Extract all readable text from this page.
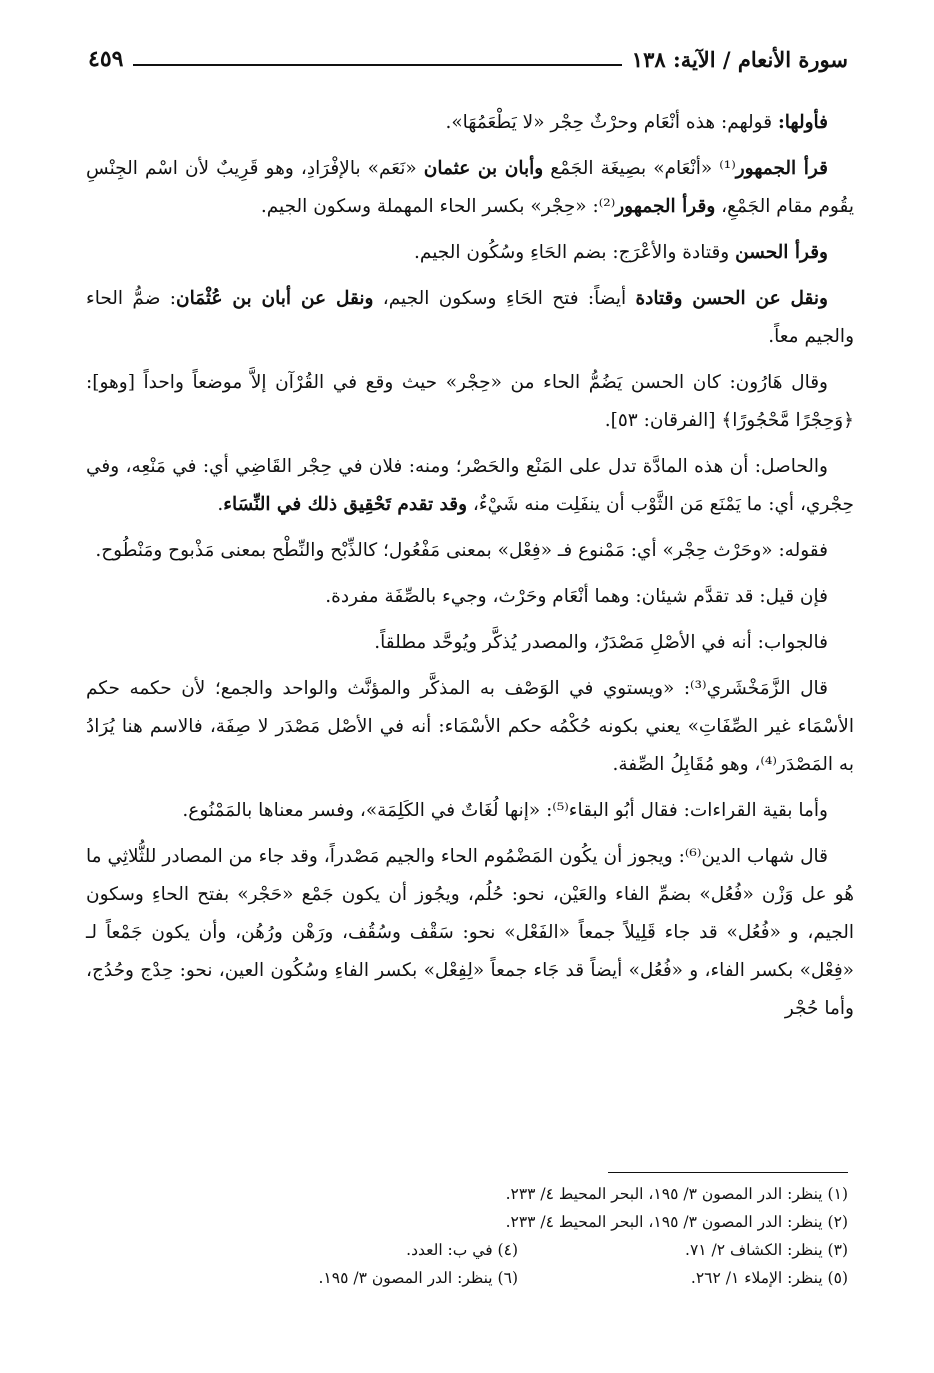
سورة الأنعام / الآية: ١٣٨
٤٥٩

فأولها: قولهم: هذه أنْعَام وحرْثٌ حِجْر «لا يَطْعَمُهَا».

قرأ الجمهور⁽¹⁾ «أنْعَام» بصِيغَة الجَمْع وأبان بن عثمان «نَعَم» بالإفْرَادِ، وهو قَرِيبٌ لأن اسْم الجِنْسِ يقُوم مقام الجَمْعِ، وقرأ الجمهور⁽²⁾: «حِجْر» بكسر الحاء المهملة وسكون الجيم.

وقرأ الحسن وقتادة والأعْرَج: بضم الحَاءِ وسُكُون الجيم.

ونقل عن الحسن وقتادة أيضاً: فتح الحَاءِ وسكون الجيم، ونقل عن أبان بن عُثْمَان: ضمُّ الحاء والجيم معاً.

وقال هَارُون: كان الحسن يَضُمُّ الحاء من «حِجْر» حيث وقع في القُرْآن إلاَّ موضعاً واحداً [وهو]: ﴿وَحِجْرًا مَّحْجُورًا﴾ [الفرقان: ٥٣].

والحاصل: أن هذه المادَّة تدل على المَنْع والحَصْر؛ ومنه: فلان في حِجْر القَاضِي أي: في مَنْعِه، وفي حِجْري، أي: ما يَمْنَع مَن الثَّوْب أن ينفَلِت منه شَيْءٌ، وقد تقدم تَحْقِيق ذلك في النِّسَاء.

فقوله: «وحَرْث حِجْر» أي: مَمْنوع فـ «فِعْل» بمعنى مَفْعُول؛ كالذِّبْح والنِّطْح بمعنى مَذْبوح ومَنْطُوح.

فإن قيل: قد تقدَّم شيئان: وهما أنْعَام وحَرْث، وجيء بالصِّفَة مفردة.

فالجواب: أنه في الأصْلِ مَصْدَرٌ، والمصدر يُذكَّر ويُوحَّد مطلقاً.

قال الزَّمَخْشَري⁽³⁾: «ويستوي في الوَصْف به المذكَّر والمؤنَّث والواحد والجمع؛ لأن حكمه حكم الأسْمَاء غير الصِّفَاتِ» يعني بكونه حُكْمُه حكم الأسْمَاء: أنه في الأصْل مَصْدَر لا صِفَة، فالاسم هنا يُرَادُ به المَصْدَر⁽⁴⁾، وهو مُقَابِلُ الصِّفة.

وأما بقية القراءات: فقال أبُو البقاء⁽⁵⁾: «إنها لُغَاتٌ في الكَلِمَة»، وفسر معناها بالمَمْنُوع.

قال شهاب الدين⁽⁶⁾: ويجوز أن يكُون المَضْمُوم الحاء والجيم مَصْدراً، وقد جاء من المصادر للثُّلاثِي ما هُو عل وَزْن «فُعُل» بضمِّ الفاء والعَيْن، نحو: حُلُم، ويجُوز أن يكون جَمْع «حَجْر» بفتح الحاءِ وسكون الجيم، و «فُعُل» قد جاء قَلِيلاً جمعاً «الفَعْل» نحو: سَقْف وسُقُف، ورَهْن ورُهُن، وأن يكون جَمْعاً لـ «فِعْل» بكسر الفاء، و «فُعُل» أيضاً قد جَاء جمعاً «لِفِعْل» بكسر الفاءِ وسُكُون العين، نحو: حِدْج وحُدُج، وأما حُجْر

(١) ينظر: الدر المصون ٣/ ١٩٥، البحر المحيط ٤/ ٢٣٣.
(٢) ينظر: الدر المصون ٣/ ١٩٥، البحر المحيط ٤/ ٢٣٣.
(٣) ينظر: الكشاف ٢/ ٧١.
(٤) في ب: العدد.
(٥) ينظر: الإملاء ١/ ٢٦٢.
(٦) ينظر: الدر المصون ٣/ ١٩٥.
